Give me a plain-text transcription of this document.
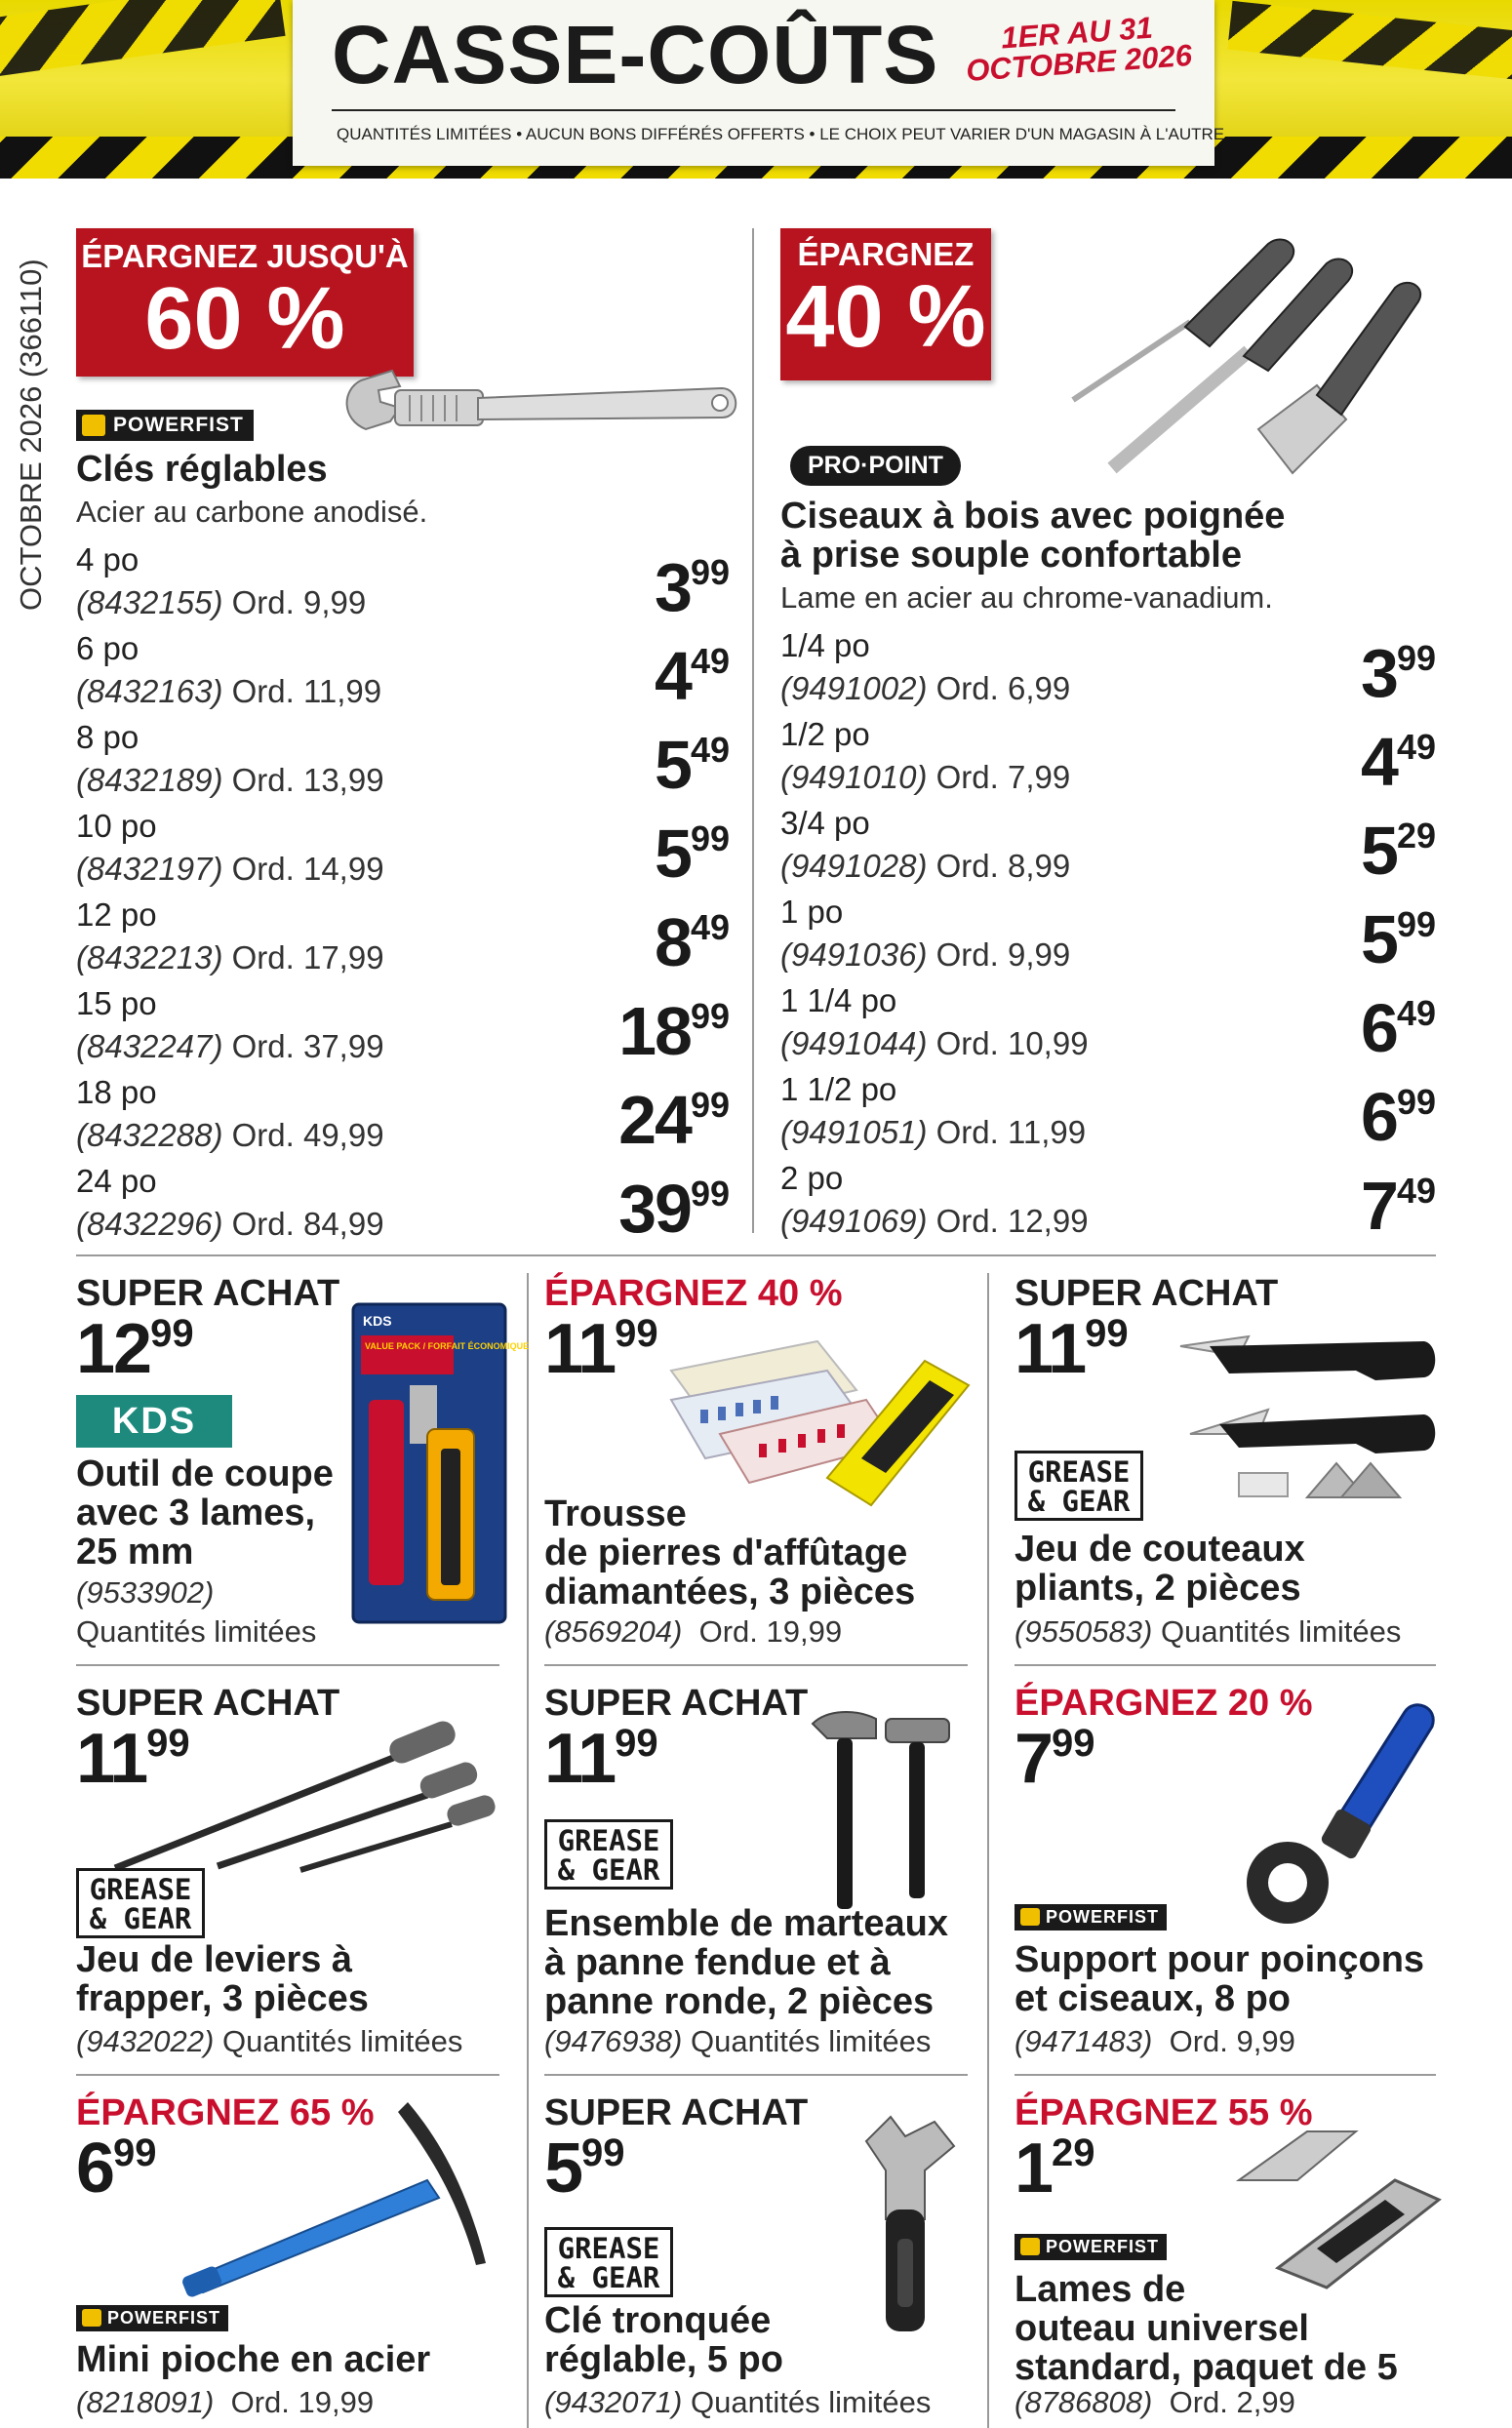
CASSE-COÛTS	1ER AU 31 OCTOBRE 2026
QUANTITÉS LIMITÉES • AUCUN BONS DIFFÉRÉS OFFERTS • LE CHOIX PEUT VARIER D'UN MAGASIN À L'AUTRE
OCTOBRE 2026 (366110)
ÉPARGNEZ JUSQU'À
60 %
POWERFIST
Clés réglables
Acier au carbone anodisé.
4 po
(8432155) Ord. 9,99	$3^{99}$
6 po
(8432163) Ord. 11,99	$4^{49}$
8 po
(8432189) Ord. 13,99	$5^{49}$
10 po
(8432197) Ord. 14,99	$5^{99}$
12 po
(8432213) Ord. 17,99	$8^{49}$
15 po
(8432247) Ord. 37,99	$18^{99}$
18 po
(8432288) Ord. 49,99	$24^{99}$
24 po
(8432296) Ord. 84,99	$39^{99}$
ÉPARGNEZ
40 %
PRO·POINT
Ciseaux à bois avec poignée
à prise souple confortable
Lame en acier au chrome-vanadium.
1/4 po
(9491002) Ord. 6,99	$3^{99}$
1/2 po
(9491010) Ord. 7,99	$4^{49}$
3/4 po
(9491028) Ord. 8,99	$5^{29}$
1 po
(9491036) Ord. 9,99	$5^{99}$
1 1/4 po
(9491044) Ord. 10,99	$6^{49}$
1 1/2 po
(9491051) Ord. 11,99	$6^{99}$
2 po
(9491069) Ord. 12,99	$7^{49}$
SUPER ACHAT
$12^{99}$
KDS
Outil de coupe
avec 3 lames,
25 mm
(9533902)
Quantités limitées
KDS
VALUE PACK / FORFAIT ÉCONOMIQUE
ÉPARGNEZ 40 %
$11^{99}$
Trousse
de pierres d'affûtage
diamantées, 3 pièces
(8569204) Ord. 19,99
SUPER ACHAT
$11^{99}$
GREASE & GEAR
Jeu de couteaux
pliants, 2 pièces
(9550583) Quantités limitées
SUPER ACHAT
$11^{99}$
GREASE & GEAR
Jeu de leviers à
frapper, 3 pièces
(9432022) Quantités limitées
SUPER ACHAT
$11^{99}$
GREASE & GEAR
Ensemble de marteaux
à panne fendue et à
panne ronde, 2 pièces
(9476938) Quantités limitées
ÉPARGNEZ 20 %
$7^{99}$
POWERFIST
Support pour poinçons
et ciseaux, 8 po
(9471483) Ord. 9,99
ÉPARGNEZ 65 %
$6^{99}$
POWERFIST
Mini pioche en acier
(8218091) Ord. 19,99
SUPER ACHAT
$5^{99}$
GREASE & GEAR
Clé tronquée
réglable, 5 po
(9432071) Quantités limitées
ÉPARGNEZ 55 %
$1^{29}$
POWERFIST
Lames de
outeau universel
standard, paquet de 5
(8786808) Ord. 2,99
